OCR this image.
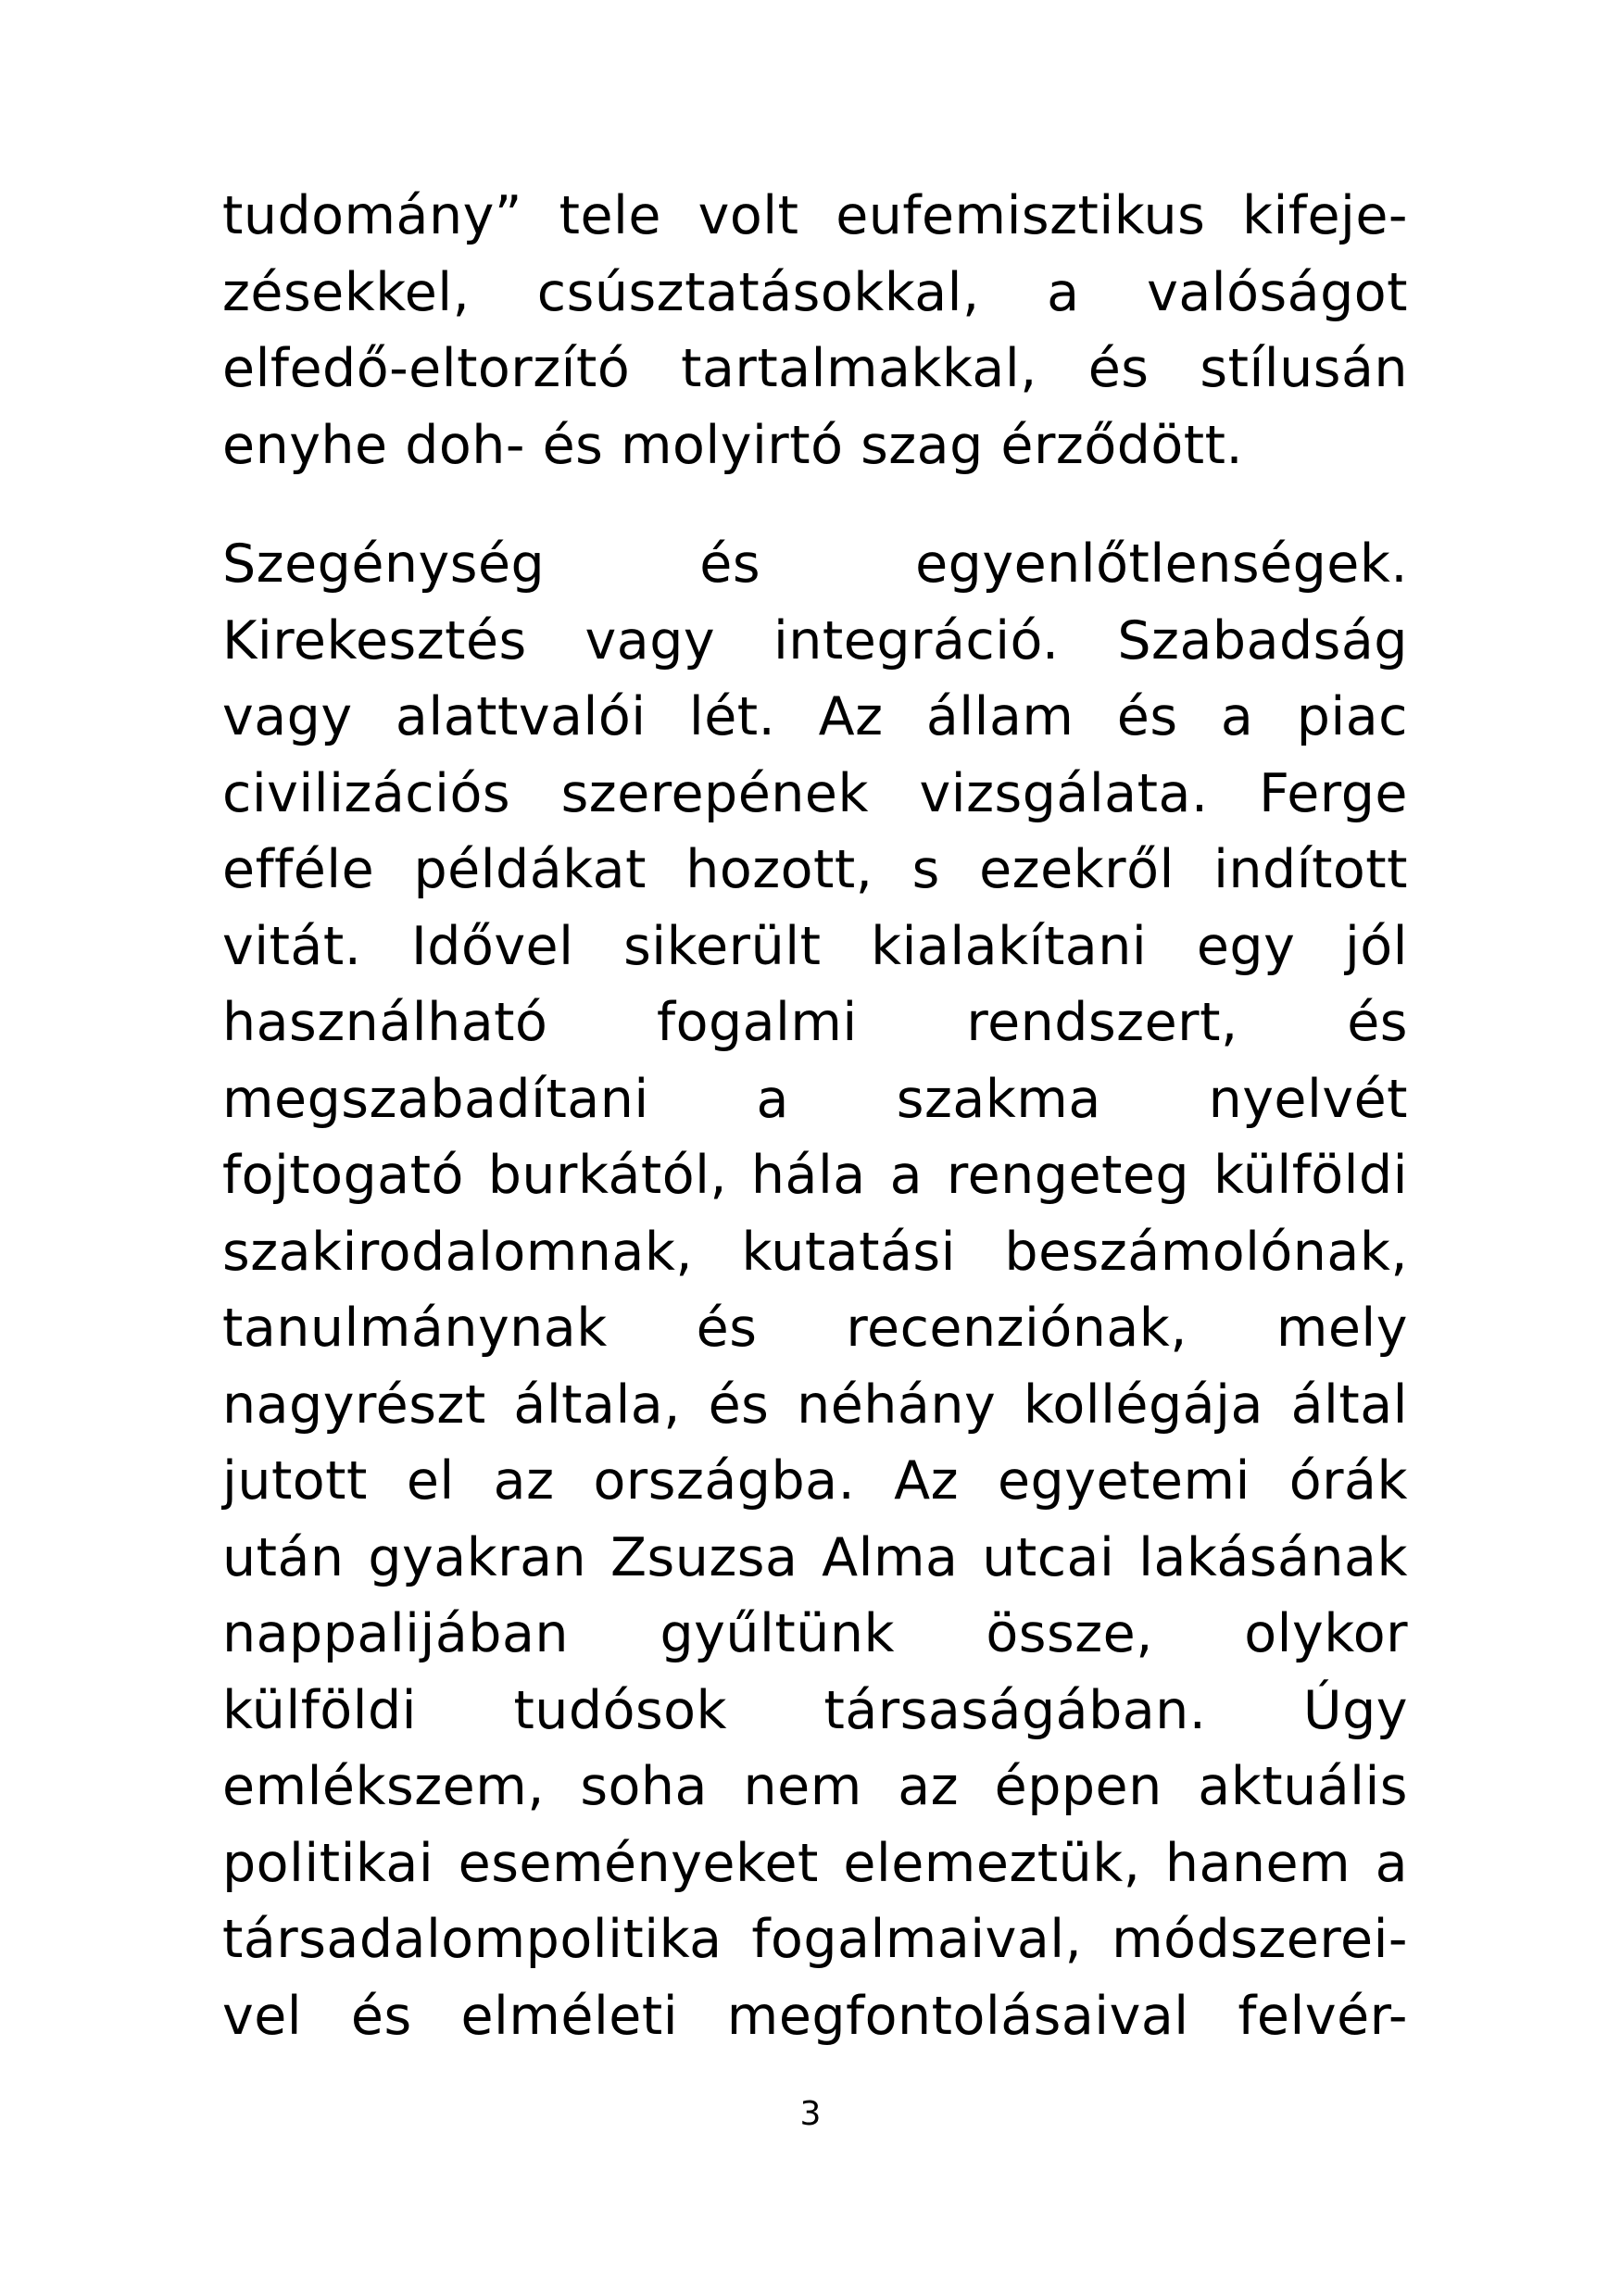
tudomány” tele volt eufemisztikus kifeje-
zésekkel, csúsztatásokkal, a valóságot
elfedő-eltorzító tartalmakkal, és stílusán
enyhe doh- és molyirtó szag érződött.
Szegénység és egyenlőtlenségek.
Kirekesztés vagy integráció. Szabadság
vagy alattvalói lét. Az állam és a piac
civilizációs szerepének vizsgálata. Ferge
efféle példákat hozott, s ezekről indított
vitát. Idővel sikerült kialakítani egy jól
használható fogalmi rendszert, és
megszabadítani a szakma nyelvét
fojtogató burkától, hála a rengeteg külföldi
szakirodalomnak, kutatási beszámolónak,
tanulmánynak és recenziónak, mely
nagyrészt általa, és néhány kollégája által
jutott el az országba. Az egyetemi órák
után gyakran Zsuzsa Alma utcai lakásának
nappalijában gyűltünk össze, olykor
külföldi tudósok társaságában. Úgy
emlékszem, soha nem az éppen aktuális
politikai eseményeket elemeztük, hanem a
társadalompolitika fogalmaival, módszerei-
vel és elméleti megfontolásaival felvér-
3
